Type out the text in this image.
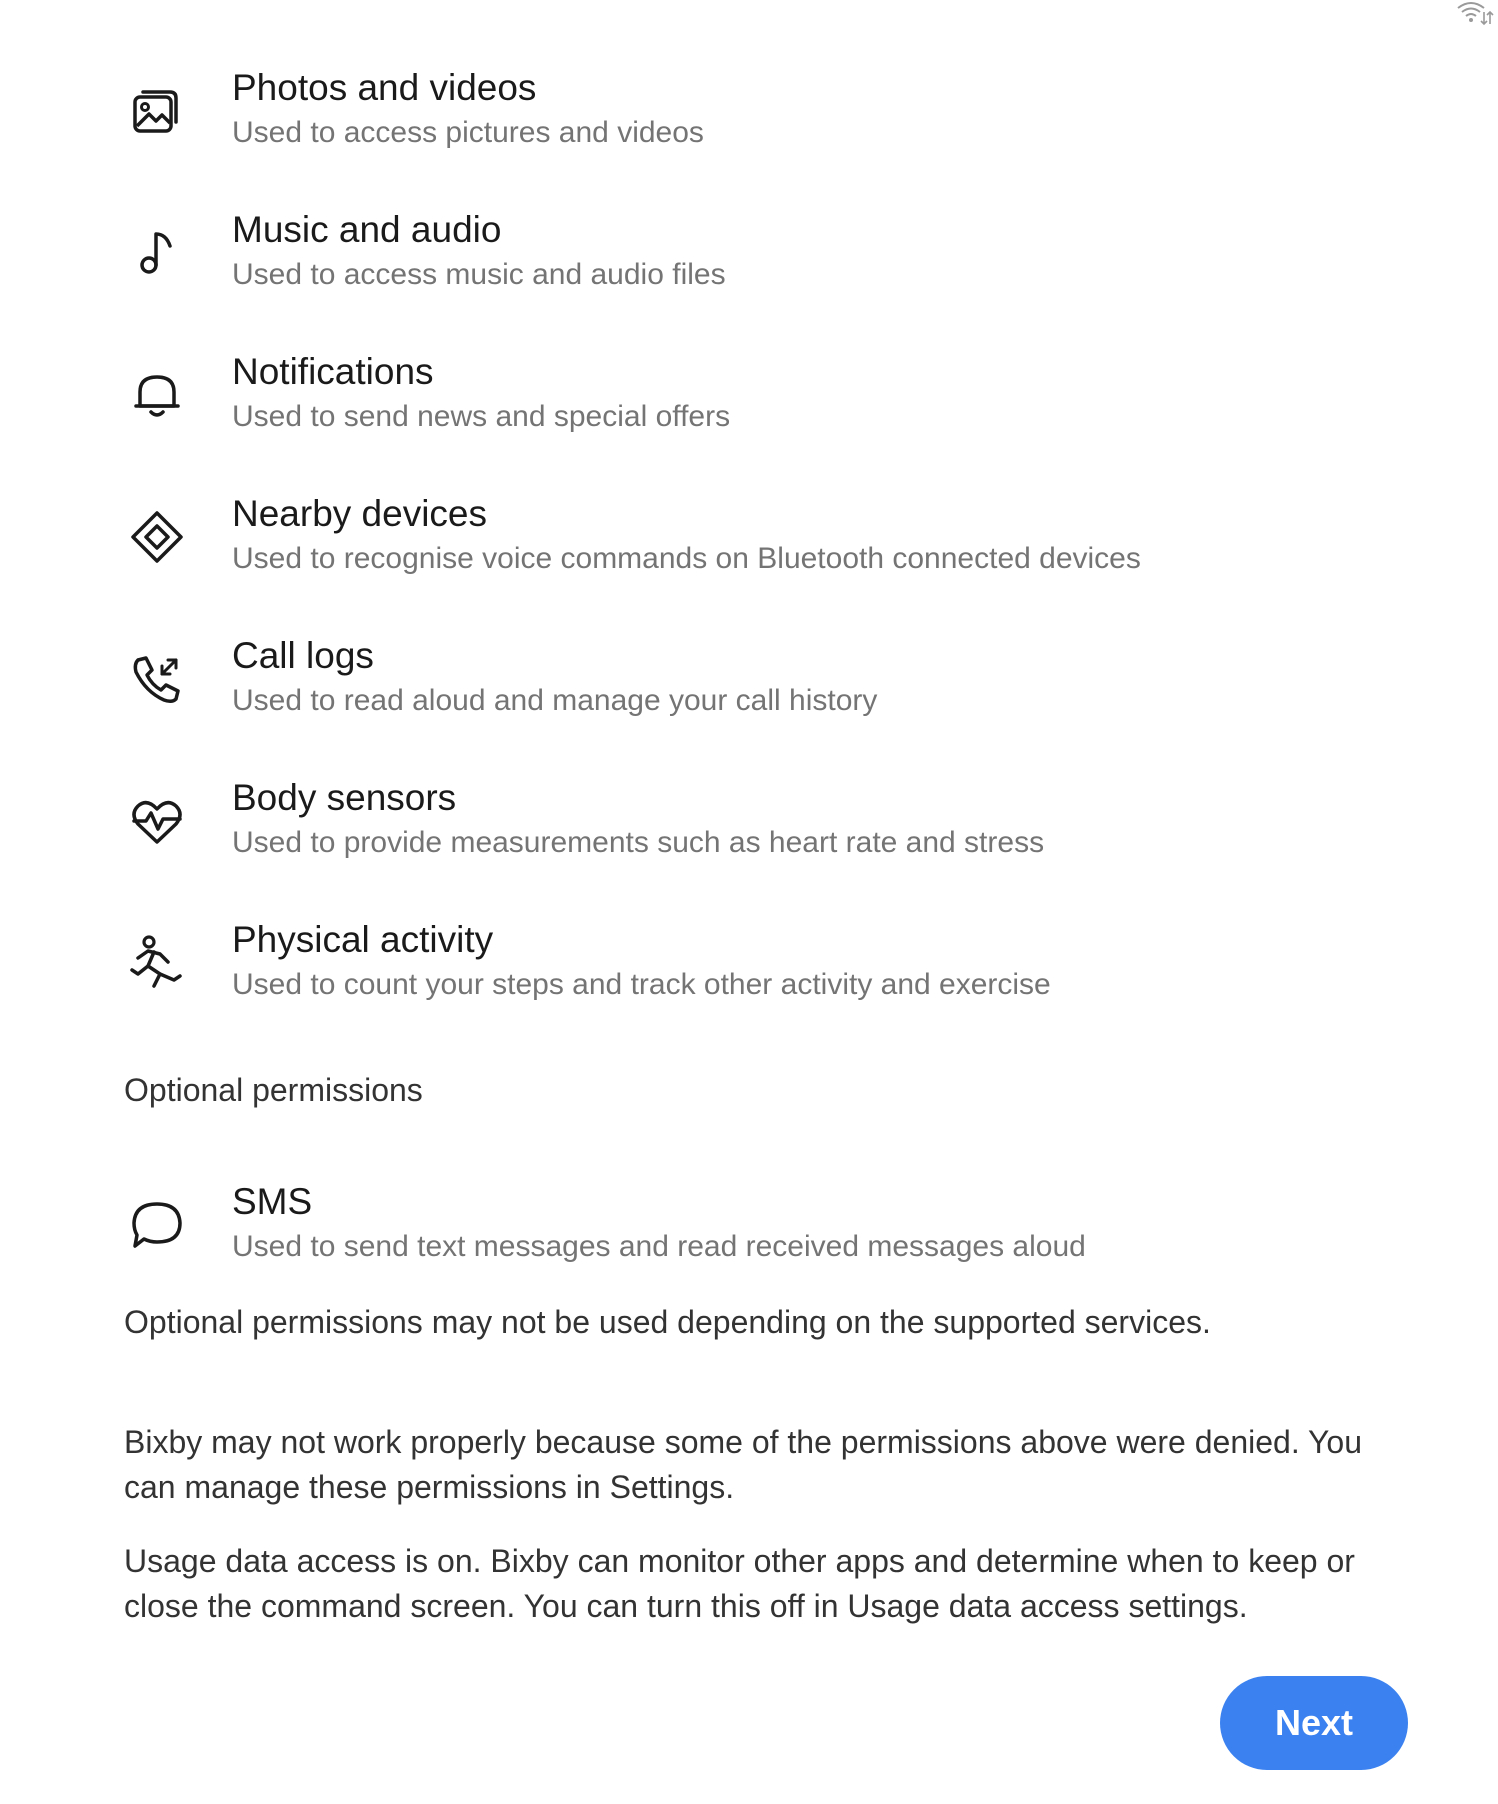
Photos and videos
Used to access pictures and videos
Music and audio
Used to access music and audio files
Notifications
Used to send news and special offers
Nearby devices
Used to recognise voice commands on Bluetooth connected devices
Call logs
Used to read aloud and manage your call history
Body sensors
Used to provide measurements such as heart rate and stress
Physical activity
Used to count your steps and track other activity and exercise
Optional permissions
SMS
Used to send text messages and read received messages aloud
Optional permissions may not be used depending on the supported services.
Bixby may not work properly because some of the permissions above were denied. You can manage these permissions in Settings.
Usage data access is on. Bixby can monitor other apps and determine when to keep or close the command screen. You can turn this off in Usage data access settings.
Next
